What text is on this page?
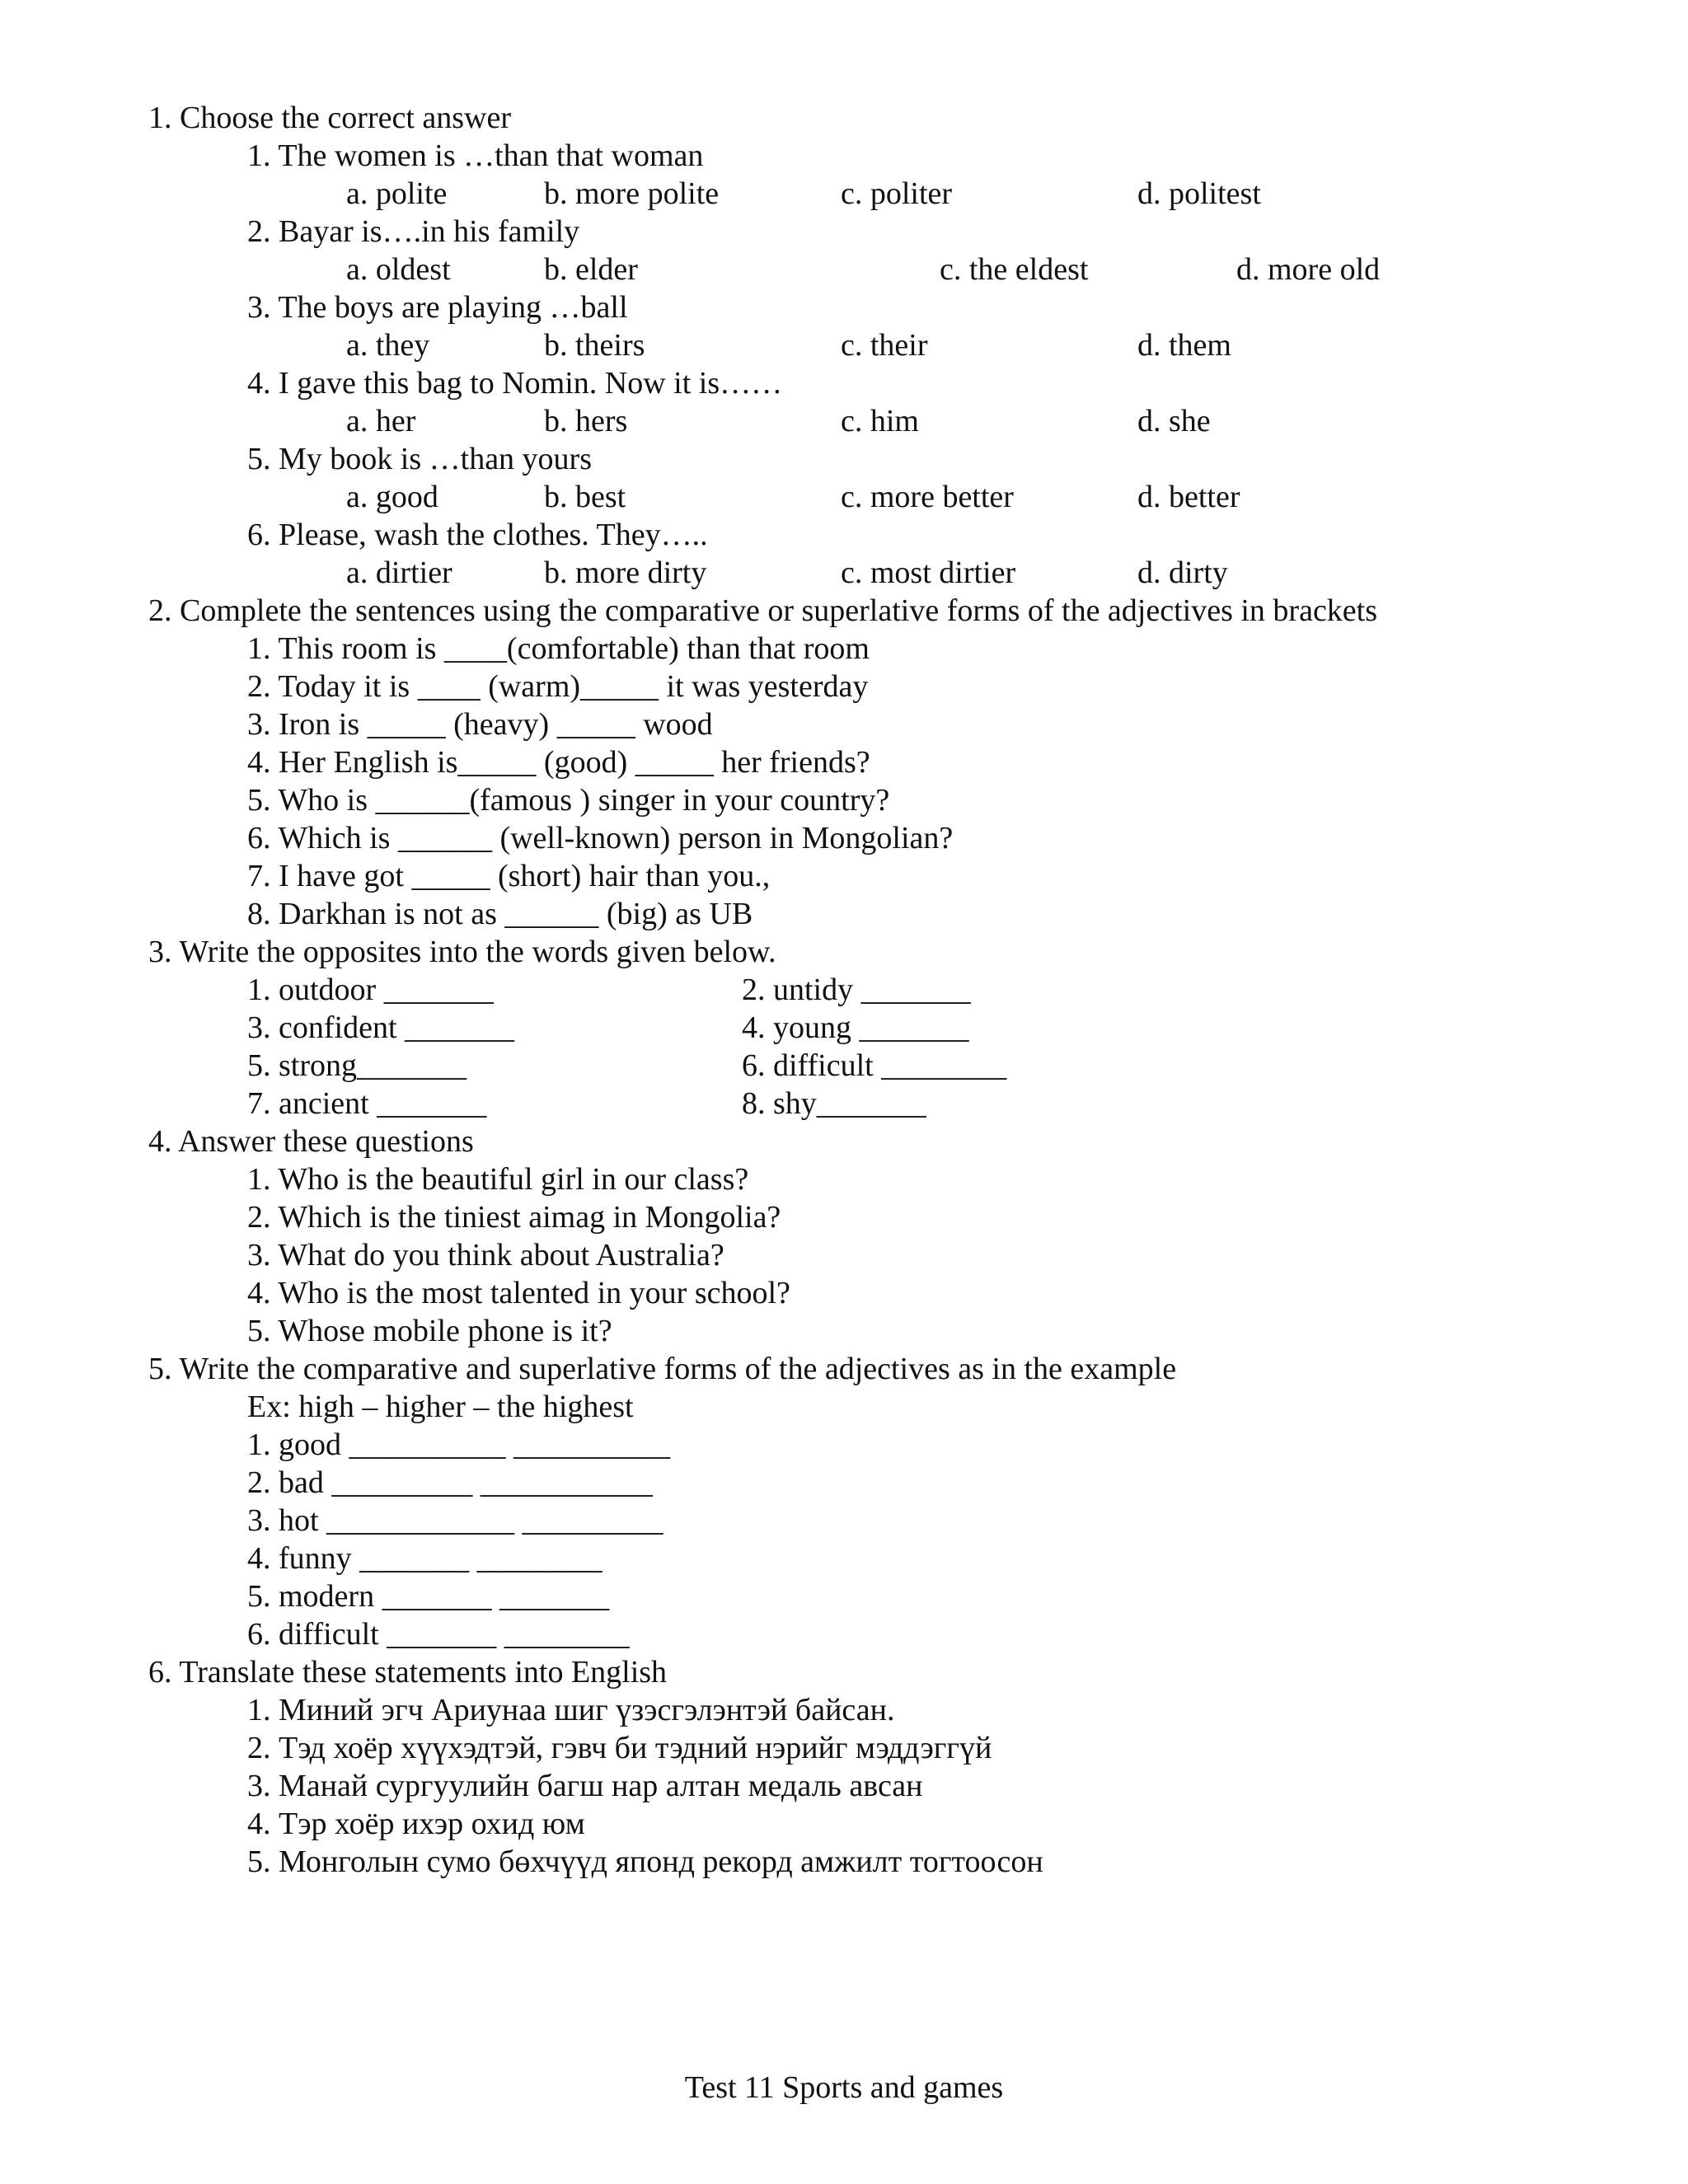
1. Choose the correct answer
1. The women is …than that woman
a. polite	b. more polite	c. politer	d. politest
2. Bayar is….in his family
a. oldest	b. elder	c. the eldest	d. more old
3. The boys are playing …ball
a. they	b. theirs	c. their	d. them
4. I gave this bag to Nomin. Now it is……
a. her	b. hers	c. him	d. she
5. My book is …than yours
a. good	b. best	c. more better	d. better
6. Please, wash the clothes. They…..
a. dirtier	b. more dirty	c. most dirtier	d. dirty
2. Complete the sentences using the comparative or superlative forms of the adjectives in brackets
1. This room is ____(comfortable) than that room
2. Today it is ____ (warm)_____ it was yesterday
3. Iron is _____ (heavy) _____ wood
4. Her English is_____ (good) _____ her friends?
5. Who is ______(famous ) singer in your country?
6. Which is ______ (well-known) person in Mongolian?
7. I have got _____ (short) hair than you.,
8. Darkhan is not as ______ (big) as UB
3. Write the opposites into the words given below.
1. outdoor _______	2. untidy _______
3. confident _______	4. young _______
5. strong_______	6. difficult ________
7. ancient _______	8. shy_______
4. Answer these questions
1. Who is the beautiful girl in our class?
2. Which is the tiniest aimag in Mongolia?
3. What do you think about Australia?
4. Who is the most talented in your school?
5. Whose mobile phone is it?
5. Write the comparative and superlative forms of the adjectives as in the example
Ex: high – higher – the highest
1. good __________ __________
2. bad _________ ___________
3. hot ____________ _________
4. funny _______ ________
5. modern _______ _______
6. difficult _______ ________
6. Translate these statements into English
1. Миний эгч Ариунаа шиг үзэсгэлэнтэй байсан.
2. Тэд хоёр хүүхэдтэй, гэвч би тэдний нэрийг мэддэггүй
3. Манай сургуулийн багш нар алтан медаль авсан
4. Тэр хоёр ихэр охид юм
5. Монголын сумо бөхчүүд японд рекорд амжилт тогтоосон
Test 11 Sports and games
